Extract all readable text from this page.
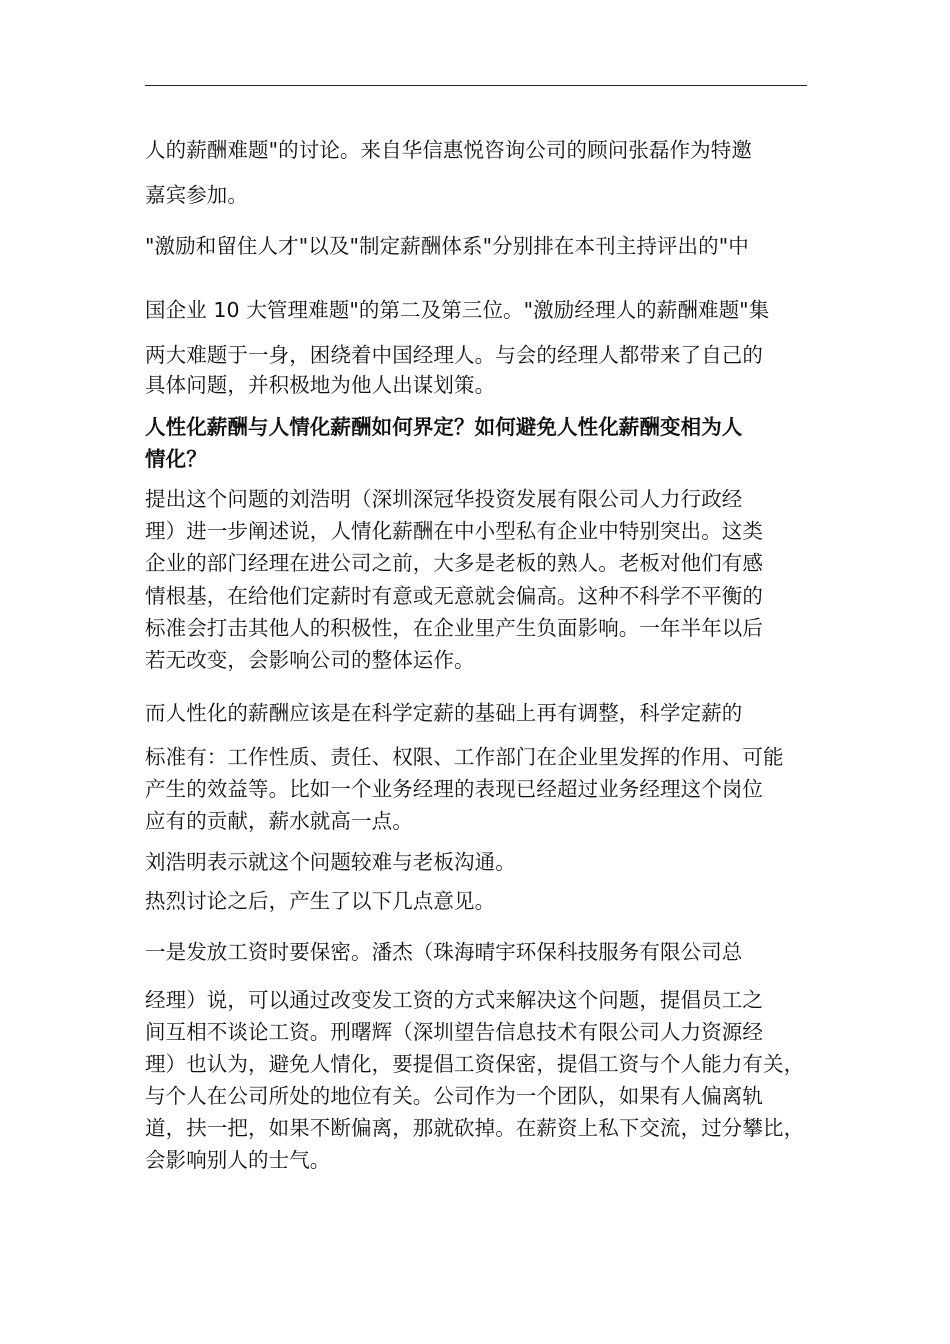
人的薪酬难题"的讨论。来自华信惠悦咨询公司的顾问张磊作为特邀
嘉宾参加。
"激励和留住人才"以及"制定薪酬体系"分别排在本刊主持评出的"中
国企业 10 大管理难题"的第二及第三位。"激励经理人的薪酬难题"集
两大难题于一身，困绕着中国经理人。与会的经理人都带来了自己的
具体问题，并积极地为他人出谋划策。
人性化薪酬与人情化薪酬如何界定？如何避免人性化薪酬变相为人
情化？
提出这个问题的刘浩明（深圳深冠华投资发展有限公司人力行政经
理）进一步阐述说，人情化薪酬在中小型私有企业中特别突出。这类
企业的部门经理在进公司之前，大多是老板的熟人。老板对他们有感
情根基，在给他们定薪时有意或无意就会偏高。这种不科学不平衡的
标准会打击其他人的积极性，在企业里产生负面影响。一年半年以后
若无改变，会影响公司的整体运作。
而人性化的薪酬应该是在科学定薪的基础上再有调整，科学定薪的
标准有：工作性质、责任、权限、工作部门在企业里发挥的作用、可能
产生的效益等。比如一个业务经理的表现已经超过业务经理这个岗位
应有的贡献，薪水就高一点。
刘浩明表示就这个问题较难与老板沟通。
热烈讨论之后，产生了以下几点意见。
一是发放工资时要保密。潘杰（珠海晴宇环保科技服务有限公司总
经理）说，可以通过改变发工资的方式来解决这个问题，提倡员工之
间互相不谈论工资。刑曙辉（深圳望告信息技术有限公司人力资源经
理）也认为，避免人情化，要提倡工资保密，提倡工资与个人能力有关，
与个人在公司所处的地位有关。公司作为一个团队，如果有人偏离轨
道，扶一把，如果不断偏离，那就砍掉。在薪资上私下交流，过分攀比，
会影响别人的士气。
